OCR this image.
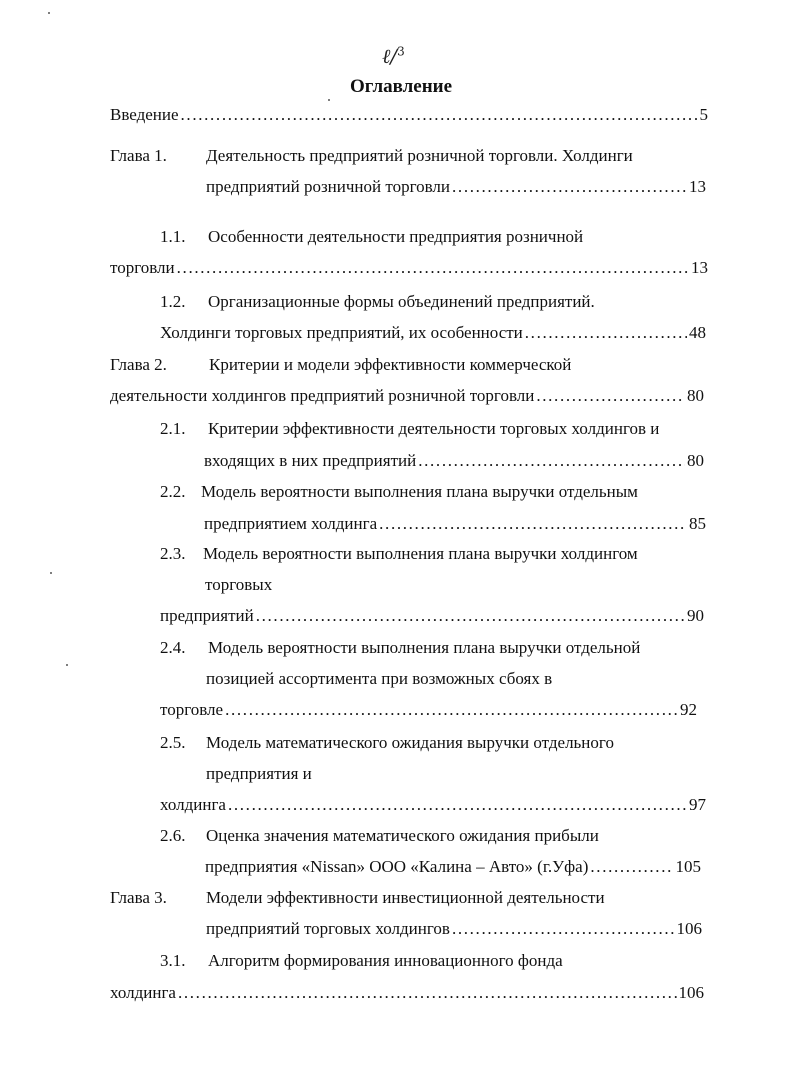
ℓ/$^3$
Оглавление
Введение . . .	5
Глава 1. Деятельность предприятий розничной торговли. Холдинги
предприятий розничной торговли . . .	13
1.1. Особенности деятельности предприятия розничной
торговли . . .	13
1.2. Организационные формы объединений предприятий.
Холдинги торговых предприятий, их особенности . . .	48
Глава 2. Критерии и модели эффективности коммерческой
деятельности холдингов предприятий розничной торговли . . .	80
2.1. Критерии эффективности деятельности торговых холдингов и
входящих в них предприятий . . .	80
2.2. Модель вероятности выполнения плана выручки отдельным
предприятием холдинга . . .	85
2.3. Модель вероятности выполнения плана выручки холдингом
торговых
предприятий . . .	90
2.4. Модель вероятности выполнения плана выручки отдельной
позицией ассортимента при возможных сбоях в
торговле . . .	92
2.5. Модель математического ожидания выручки отдельного
предприятия и
холдинга . . .	97
2.6. Оценка значения математического ожидания прибыли
предприятия «Nissan» ООО «Калина – Авто» (г.Уфа) . . .	105
Глава 3. Модели эффективности инвестиционной деятельности
предприятий торговых холдингов . . .	106
3.1. Алгоритм формирования инновационного фонда
холдинга . . .	106
